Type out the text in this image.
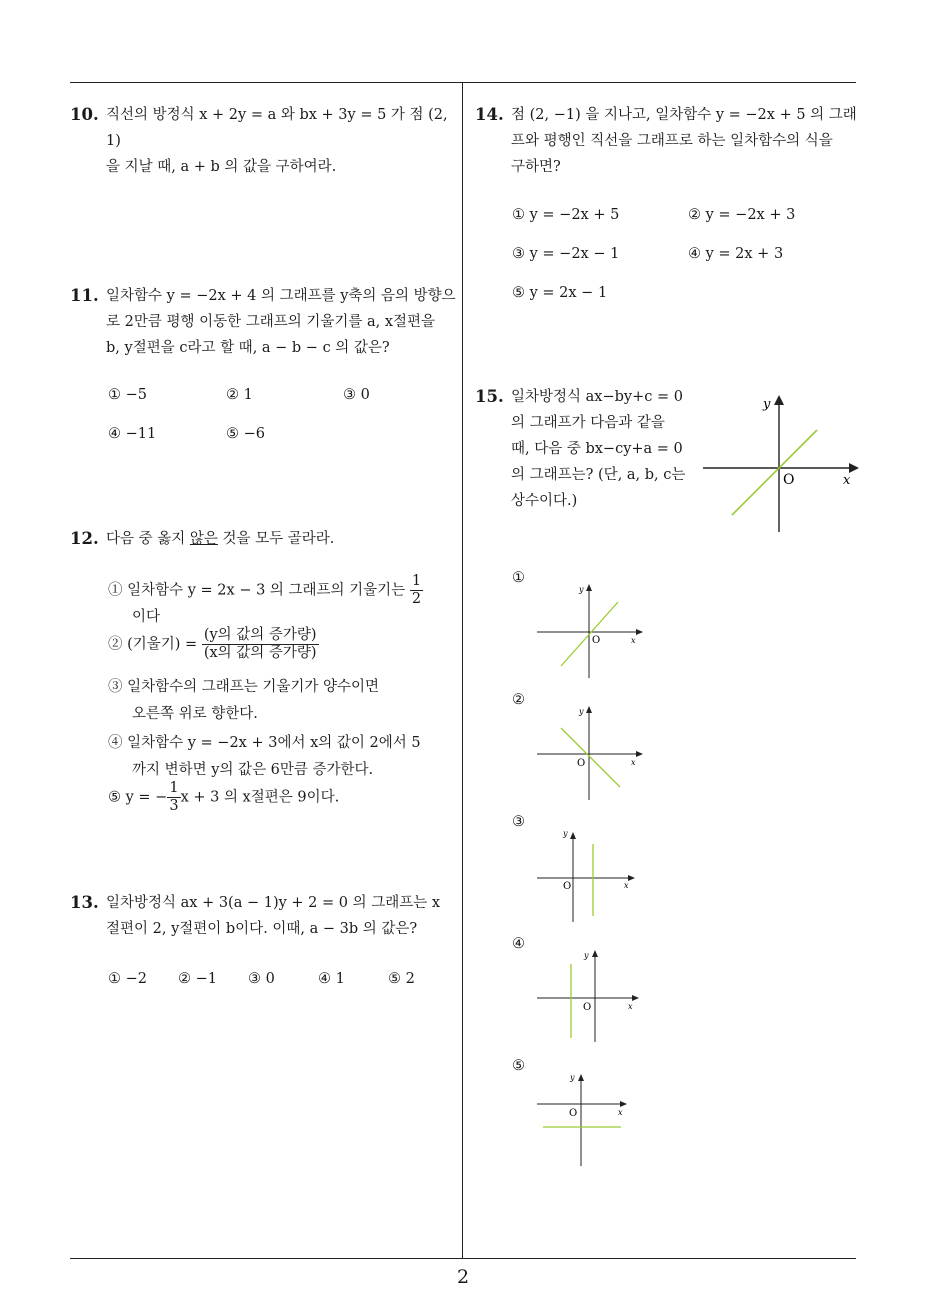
2
10. 직선의 방정식 x + 2y = a 와 bx + 3y = 5 가 점 (2, 1)
을 지날 때, a + b 의 값을 구하여라.
11. 일차함수 y = −2x + 4 의 그래프를 y축의 음의 방향으
로 2만큼 평행 이동한 그래프의 기울기를 a, x절편을
b, y절편을 c라고 할 때, a − b − c 의 값은?
① −5	② 1	③ 0
④ −11	⑤ −6
12. 다음 중 옳지 않은 것을 모두 골라라.
① 일차함수 y = 2x − 3 의 그래프의 기울기는 $\frac{1}{2}$
이다
② (기울기) = $\frac{\text{(y의 값의 증가량)}}{\text{(x의 값의 증가량)}}$
③ 일차함수의 그래프는 기울기가 양수이면
오른쪽 위로 향한다.
④ 일차함수 y = −2x + 3에서 x의 값이 2에서 5
까지 변하면 y의 값은 6만큼 증가한다.
⑤ y = − $\frac{1}{3}$ x + 3 의 x절편은 9이다.
13. 일차방정식 ax + 3(a − 1)y + 2 = 0 의 그래프는 x
절편이 2, y절편이 b이다. 이때, a − 3b 의 값은?
① −2 ② −1 ③ 0	④ 1	⑤ 2
14. 점 (2, −1) 을 지나고, 일차함수 y = −2x + 5 의 그래
프와 평행인 직선을 그래프로 하는 일차함수의 식을
구하면?
① y = −2x + 5	② y = −2x + 3
③ y = −2x − 1	④ y = 2x + 3
⑤ y = 2x − 1
15. 일차방정식 ax−by+c = 0
의 그래프가 다음과 같을
때, 다음 중 bx−cy+a = 0
의 그래프는? (단, a, b, c는
상수이다.)
y
x
O
①
y
x
O
②
y
x
O
③
y
x
O
④
y
x
O
⑤
y
x
O
